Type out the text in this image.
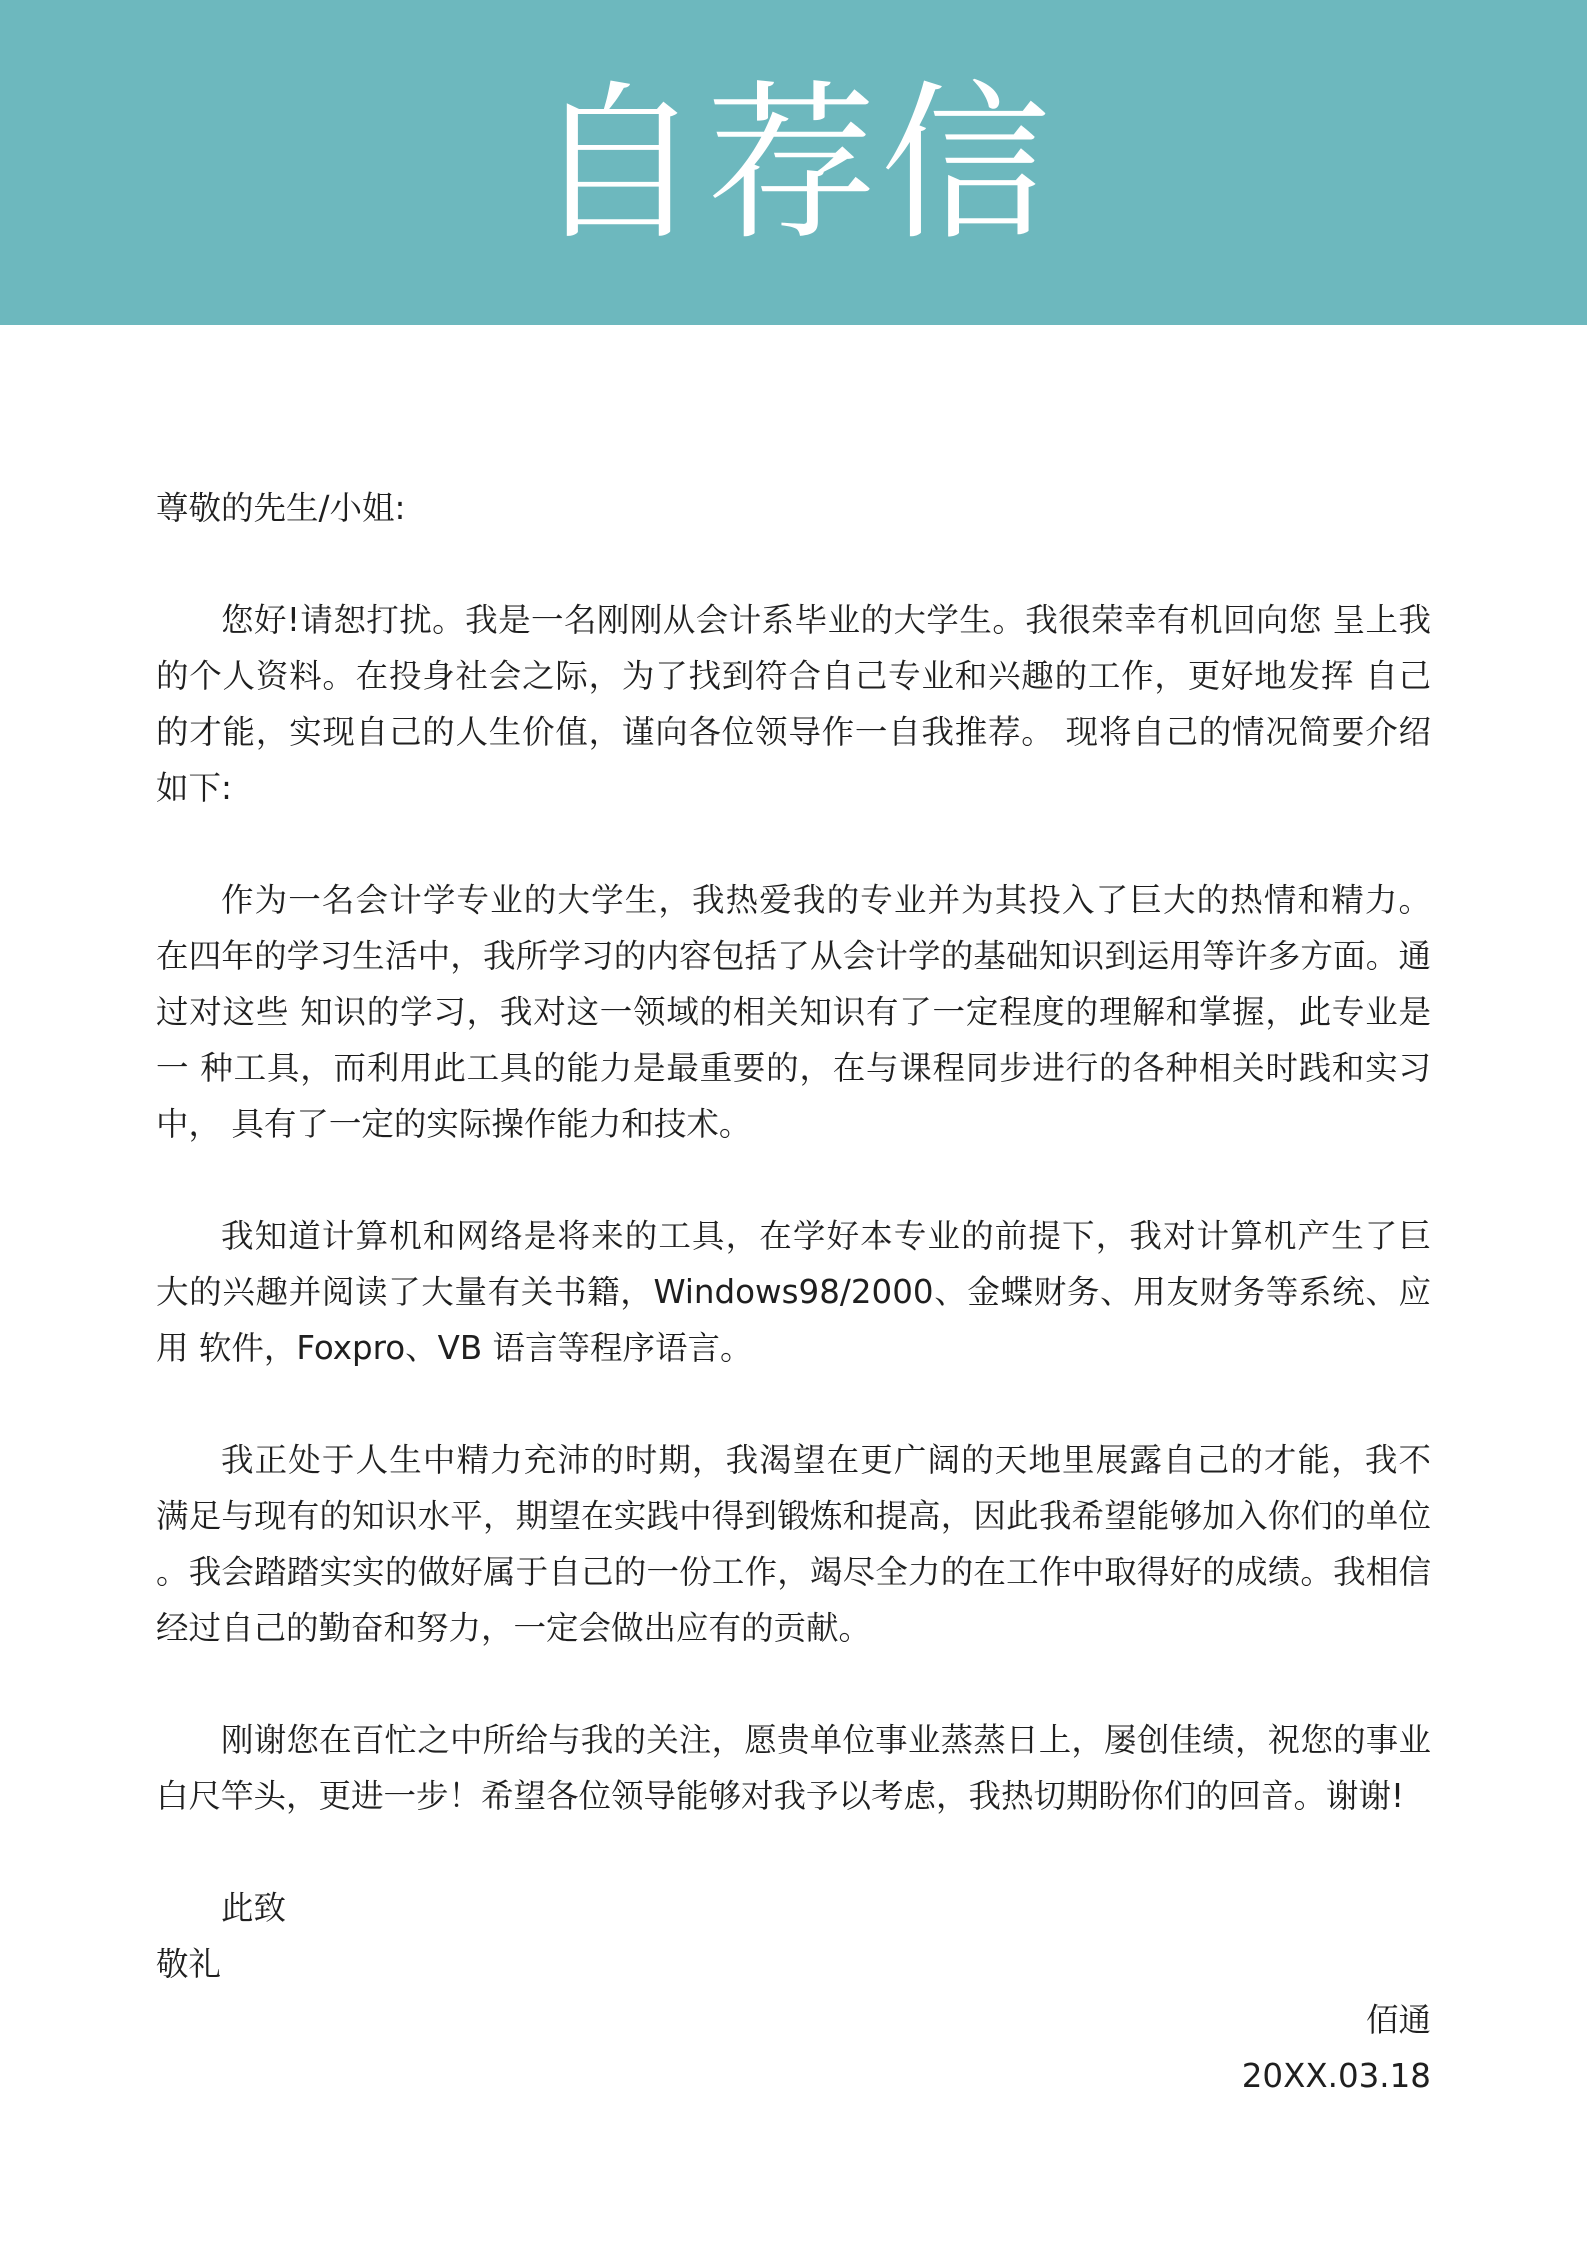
自荐信

尊敬的先生/小姐:

您好!请恕打扰。我是一名刚刚从会计系毕业的大学生。我很荣幸有机回向您 呈上我的个人资料。在投身社会之际，为了找到符合自己专业和兴趣的工作，更好地发挥 自己的才能，实现自己的人生价值，谨向各位领导作一自我推荐。 现将自己的情况简要介绍如下:

作为一名会计学专业的大学生，我热爱我的专业并为其投入了巨大的热情和精力。 在四年的学习生活中，我所学习的内容包括了从会计学的基础知识到运用等许多方面。通 过对这些 知识的学习，我对这一领域的相关知识有了一定程度的理解和掌握，此专业是一 种工具，而利用此工具的能力是最重要的，在与课程同步进行的各种相关时践和实习中， 具有了一定的实际操作能力和技术。

我知道计算机和网络是将来的工具，在学好本专业的前提下，我对计算机产生了巨 大的兴趣并阅读了大量有关书籍，Windows98/2000、金蝶财务、用友财务等系统、应用 软件，Foxpro、VB 语言等程序语言。

我正处于人生中精力充沛的时期，我渴望在更广阔的天地里展露自己的才能，我不 满足与现有的知识水平，期望在实践中得到锻炼和提高，因此我希望能够加入你们的单位 。我会踏踏实实的做好属于自己的一份工作，竭尽全力的在工作中取得好的成绩。我相信 经过自己的勤奋和努力，一定会做出应有的贡献。

刚谢您在百忙之中所给与我的关注，愿贵单位事业蒸蒸日上，屡创佳绩，祝您的事业 白尺竿头，更进一步！希望各位领导能够对我予以考虑，我热切期盼你们的回音。谢谢!

此致

敬礼

佰通

20XX.03.18
